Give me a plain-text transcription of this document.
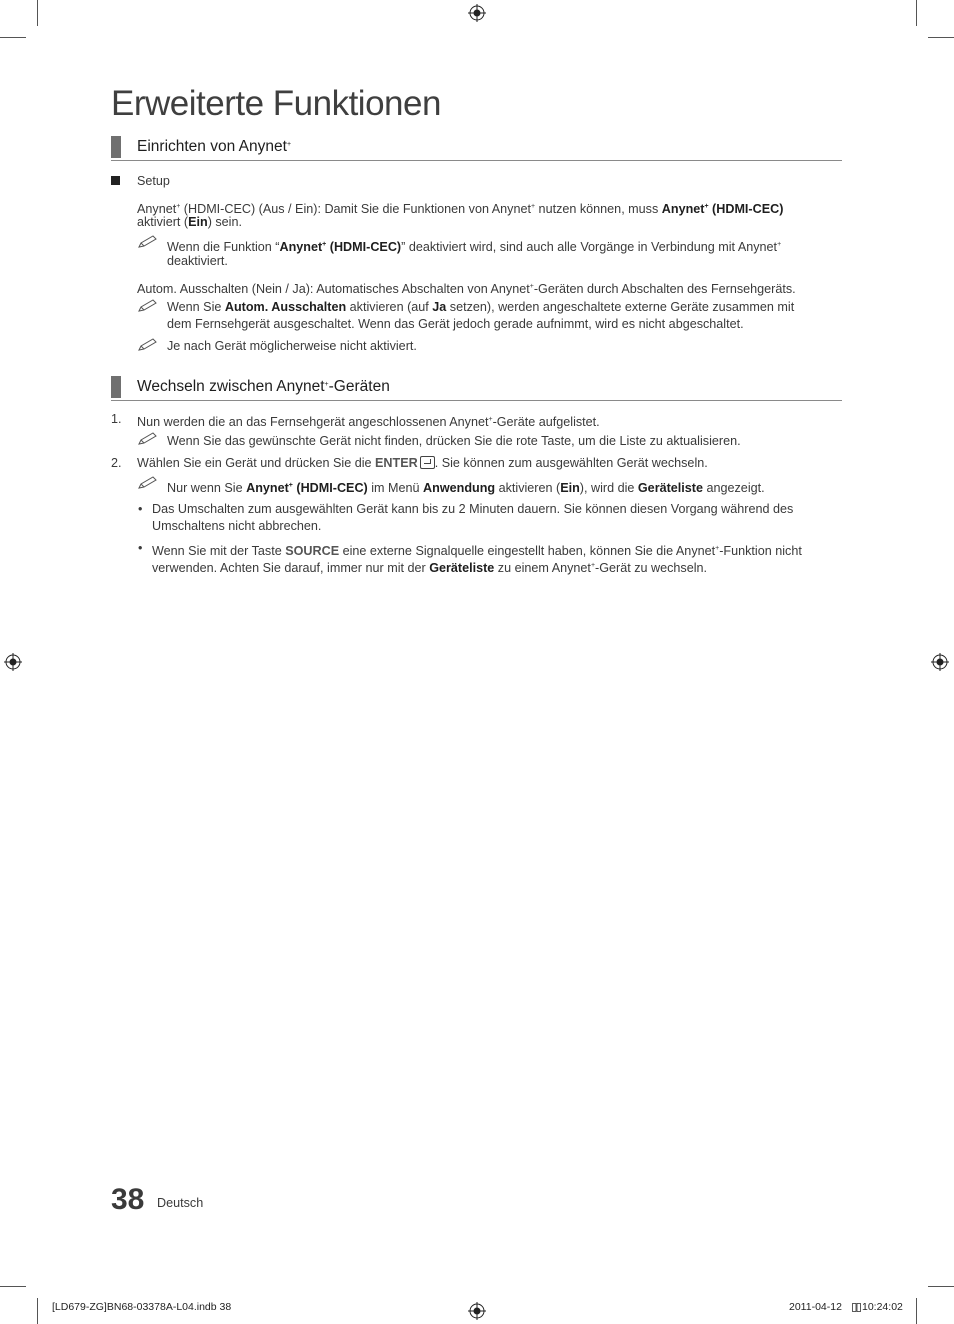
Erweiterte Funktionen
Einrichten von Anynet+
Setup
Anynet+ (HDMI-CEC) (Aus / Ein): Damit Sie die Funktionen von Anynet+ nutzen können, muss Anynet+ (HDMI-CEC)
aktiviert (Ein) sein.
Wenn die Funktion “Anynet+ (HDMI-CEC)” deaktiviert wird, sind auch alle Vorgänge in Verbindung mit Anynet+
deaktiviert.
Autom. Ausschalten (Nein / Ja): Automatisches Abschalten von Anynet+-Geräten durch Abschalten des Fernsehgeräts.
Wenn Sie Autom. Ausschalten aktivieren (auf Ja setzen), werden angeschaltete externe Geräte zusammen mit
dem Fernsehgerät ausgeschaltet. Wenn das Gerät jedoch gerade aufnimmt, wird es nicht abgeschaltet.
Je nach Gerät möglicherweise nicht aktiviert.
Wechseln zwischen Anynet+-Geräten
1. Nun werden die an das Fernsehgerät angeschlossenen Anynet+-Geräte aufgelistet.
Wenn Sie das gewünschte Gerät nicht finden, drücken Sie die rote Taste, um die Liste zu aktualisieren.
2. Wählen Sie ein Gerät und drücken Sie die ENTER . Sie können zum ausgewählten Gerät wechseln.
Nur wenn Sie Anynet+ (HDMI-CEC) im Menü Anwendung aktivieren (Ein), wird die Geräteliste angezeigt.
• Das Umschalten zum ausgewählten Gerät kann bis zu 2 Minuten dauern. Sie können diesen Vorgang während des
Umschaltens nicht abbrechen.
• Wenn Sie mit der Taste SOURCE eine externe Signalquelle eingestellt haben, können Sie die Anynet+-Funktion nicht
verwenden. Achten Sie darauf, immer nur mit der Geräteliste zu einem Anynet+-Gerät zu wechseln.
38 Deutsch
[LD679-ZG]BN68-03378A-L04.indb 38	2011-04-12 10:24:02
